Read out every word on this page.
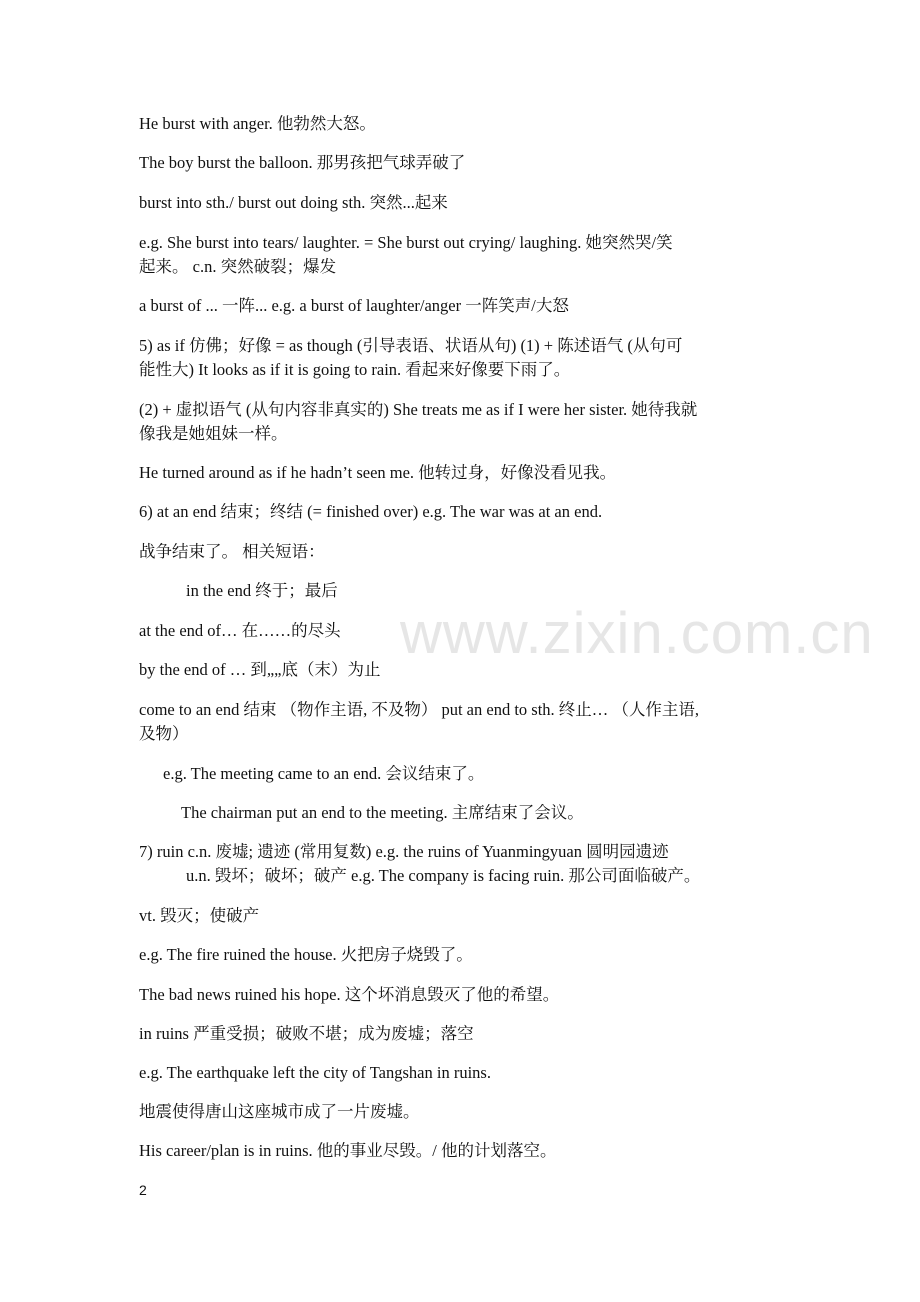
He burst with anger. 他勃然大怒。
The boy burst the balloon. 那男孩把气球弄破了
burst into sth./ burst out doing sth. 突然...起来
e.g. She burst into tears/ laughter. = She burst out crying/ laughing. 她突然哭/笑
起来。 c.n. 突然破裂；爆发
a burst of ... 一阵... e.g. a burst of laughter/anger 一阵笑声/大怒
5) as if 仿佛；好像 = as though (引导表语、状语从句) (1) + 陈述语气 (从句可
能性大) It looks as if it is going to rain. 看起来好像要下雨了。
(2) + 虚拟语气 (从句内容非真实的) She treats me as if I were her sister. 她待我就
像我是她姐妹一样。
He turned around as if he hadn’t seen me. 他转过身，好像没看见我。
6) at an end 结束；终结 (= finished over) e.g. The war was at an end.
战争结束了。 相关短语：
in the end 终于；最后
at the end of… 在……的尽头
by the end of … 到„„底（末）为止
come to an end 结束 （物作主语, 不及物） put an end to sth. 终止… （人作主语,
及物）
e.g. The meeting came to an end. 会议结束了。
The chairman put an end to the meeting. 主席结束了会议。
7) ruin c.n. 废墟; 遗迹 (常用复数) e.g. the ruins of Yuanmingyuan 圆明园遗迹
u.n. 毁坏；破坏；破产 e.g. The company is facing ruin. 那公司面临破产。
vt. 毁灭；使破产
e.g. The fire ruined the house. 火把房子烧毁了。
The bad news ruined his hope. 这个坏消息毁灭了他的希望。
in ruins 严重受损；破败不堪；成为废墟；落空
e.g. The earthquake left the city of Tangshan in ruins.
地震使得唐山这座城市成了一片废墟。
His career/plan is in ruins. 他的事业尽毁。/ 他的计划落空。
www.zixin.com.cn
2
